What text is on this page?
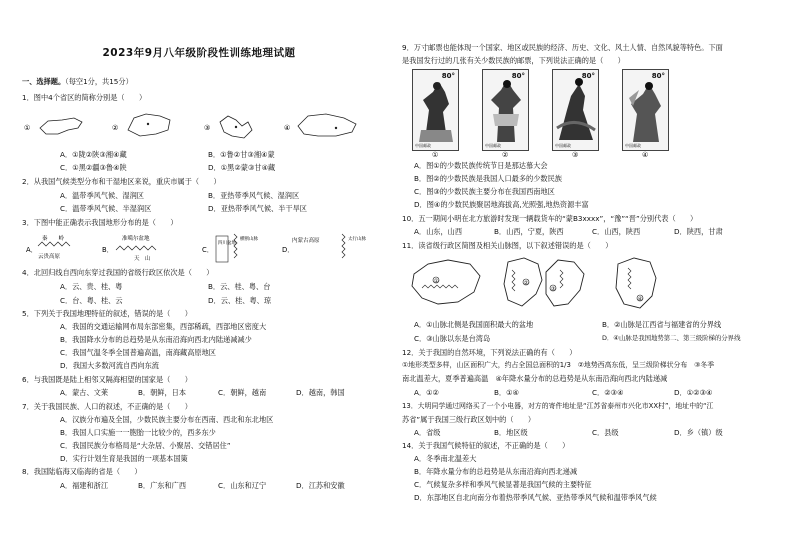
2023年9月八年级阶段性训练地理试题
一、选择题。（每空1分，共15分）
1．图中4个省区的简称分别是（　　）
①	②	③	④
A．①陇②陕③湘④藏	B．①鲁②甘③湘④蒙
C．①黑②疆③鲁④陕	D．①黑②蒙③甘④藏
2．从我国气候类型分布和干湿地区来说，重庆市属于（　　）
A．温带季风气候、湿润区	B．亚热带季风气候、湿润区
C．温带季风气候、半湿润区	D．亚热带季风气候、半干旱区
3．下图中能正确表示我国地形分布的是（　　）
A．
秦　　岭
云贵高原
B．
准噶尔盆地
天　山
C．
四川盆地
横断山脉
D．
内蒙古高原	太行山脉
4．北回归线自西向东穿过我国的省级行政区依次是（　　）
A．云、贵、桂、粤	B．云、桂、粤、台
C．台、粤、桂、云	D．云、桂、粤、琼
5．下列关于我国地理特征的叙述，错误的是（　　）
A．我国的交通运输网布局东部密集，西部稀疏，西部地区密度大
B．我国降水分布的总趋势是从东南沿海向西北内陆递减减少
C．我国气温冬季全国普遍高温，南海藏高原地区
D．我国大多数河流自西向东流
6．与我国既是陆上相邻又隔海相望的国家是（　　）
A．蒙古、文莱	B．朝鲜，日本	C．朝鲜，越南	D．越南，韩国
7．关于我国民族、人口的叙述，不正确的是（　　）
A．汉族分布遍及全国，少数民族主要分布在西南、西北和东北地区
B．我国人口实施一一胞胎一比较少的，西多东少
C．我国民族分布格局是“大杂居、小聚居、交错居住”
D．实行计划生育是我国的一项基本国策
8．我国陆临海又临海的省是（　　）
A．福建和浙江	B．广东和广西	C．山东和辽宁	D．江苏和安徽
9．万寸邮票也能体现一个国家、地区或民族的经济、历史、文化、风土人情、自然风貌等特色。下面
是我国发行过的几张有关少数民族的邮票，下列说法正确的是（　　）
80°
中国邮政
80°
中国邮政
80°
中国邮政
80°
中国邮政
①	②	③	④
A．图①的少数民族传统节日是那达慕大会
B．图②的少数民族是我国人口最多的少数民族
C．图③的少数民族主要分布在我国西南地区
D．图④的少数民族聚居地海拔高,光照强,地热资源丰富
10．五一期间小明在北方旅游时发现一辆载货车的“蒙B3xxxx”，“豫”“晋”分别代表（　　）
A．山东，山西	B．山西，宁夏，陕西	C．山西，陕西	D．陕西，甘肃
11．读省级行政区简图及相关山脉图，以下叙述错误的是（　　）
①	②
③
④
A．①山脉北侧是我国面积最大的盆地	B．②山脉是江西省与福建省的分界线
C．③山脉以东是台湾岛	D．④山脉是我国地势第二、第三级阶梯的分界线
12．关于我国的自然环境，下列说法正确的有（　　）
①地形类型多样，山区面积广大，约占全国总面积的1/3　②地势西高东低，呈三级阶梯状分布　③冬季
南北温差大，夏季普遍高温　④年降水量分布的总趋势是从东南沿海向西北内陆递减
A．①②	B．①④	C．②③④	D．①②③④
13．大明同学通过网络买了一个小电器，对方的寄件地址是“江苏省泰州市兴化市XX村”，地址中的“江
苏省”属于我国三级行政区划中的（　　）
A．省级	B．地区级	C．县级	D．乡（镇）级
14．关于我国气候特征的叙述，不正确的是（　　）
A．冬季南北温差大
B．年降水量分布的总趋势是从东南沿海向西北递减
C．气候复杂多样和季风气候显著是我国气候的主要特征
D．东部地区自北向南分布着热带季风气候、亚热带季风气候和温带季风气候
